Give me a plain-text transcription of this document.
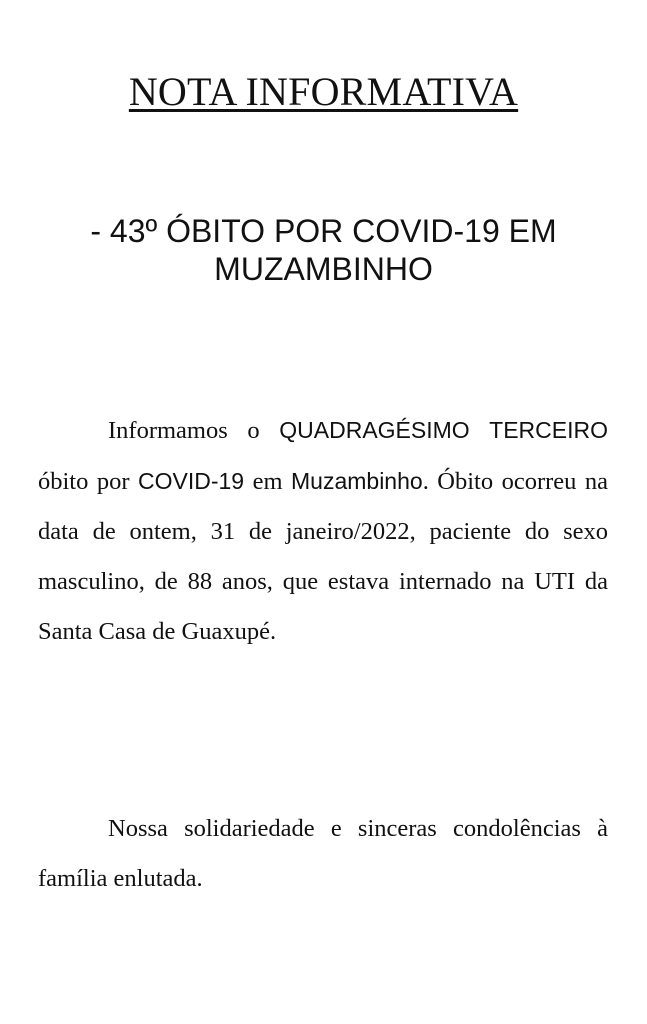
NOTA INFORMATIVA
- 43º ÓBITO POR COVID-19 EM MUZAMBINHO

Informamos o QUADRAGÉSIMO TERCEIRO óbito por COVID-19 em Muzambinho. Óbito ocorreu na data de ontem, 31 de janeiro/2022, paciente do sexo masculino, de 88 anos, que estava internado na UTI da Santa Casa de Guaxupé.

Nossa solidariedade e sinceras condolências à família enlutada.
